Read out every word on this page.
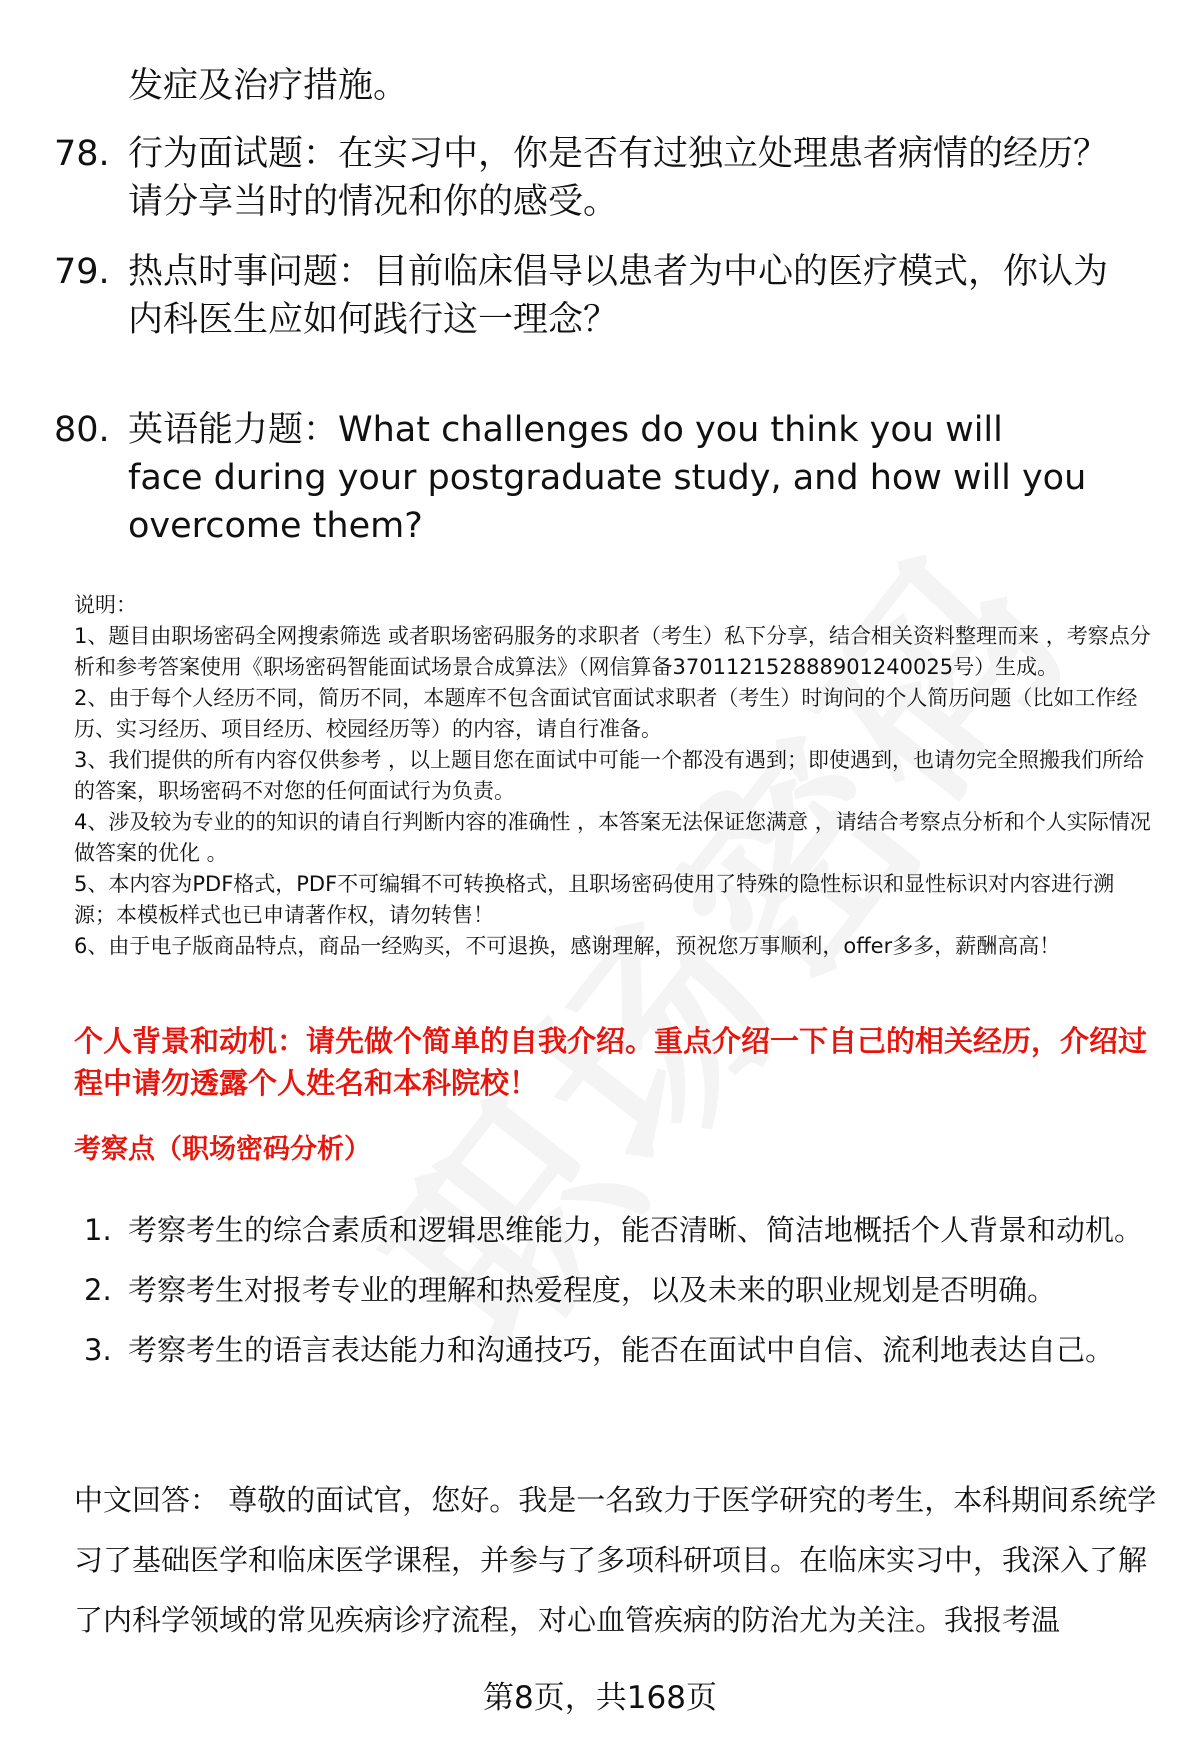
发症及治疗措施。
78. 行为面试题：在实习中，你是否有过独立处理患者病情的经历？请分享当时的情况和你的感受。
79. 热点时事问题：目前临床倡导以患者为中心的医疗模式，你认为内科医生应如何践行这一理念？
80. 英语能力题：What challenges do you think you will face during your postgraduate study, and how will you overcome them?

说明：

1、题目由职场密码全网搜索筛选 或者职场密码服务的求职者（考生）私下分享，结合相关资料整理而来 ，考察点分析和参考答案使用《职场密码智能面试场景合成算法》（网信算备370112152888901240025号）生成。

2、由于每个人经历不同，简历不同，本题库不包含面试官面试求职者（考生）时询问的个人简历问题（比如工作经历、实习经历、项目经历、校园经历等）的内容，请自行准备。

3、我们提供的所有内容仅供参考 ，以上题目您在面试中可能一个都没有遇到；即使遇到，也请勿完全照搬我们所给的答案，职场密码不对您的任何面试行为负责。

4、涉及较为专业的的知识的请自行判断内容的准确性 ，本答案无法保证您满意 ，请结合考察点分析和个人实际情况做答案的优化 。

5、本内容为PDF格式，PDF不可编辑不可转换格式，且职场密码使用了特殊的隐性标识和显性标识对内容进行溯源；本模板样式也已申请著作权，请勿转售！

6、由于电子版商品特点，商品一经购买，不可退换，感谢理解，预祝您万事顺利，offer多多，薪酬高高！

个人背景和动机：请先做个简单的自我介绍。重点介绍一下自己的相关经历，介绍过程中请勿透露个人姓名和本科院校！
考察点（职场密码分析）
1. 考察考生的综合素质和逻辑思维能力，能否清晰、简洁地概括个人背景和动机。
2. 考察考生对报考专业的理解和热爱程度，以及未来的职业规划是否明确。
3. 考察考生的语言表达能力和沟通技巧，能否在面试中自信、流利地表达自己。

中文回答： 尊敬的面试官，您好。我是一名致力于医学研究的考生，本科期间系统学习了基础医学和临床医学课程，并参与了多项科研项目。在临床实习中，我深入了解了内科学领域的常见疾病诊疗流程，对心血管疾病的防治尤为关注。我报考温

第8页，共168页
